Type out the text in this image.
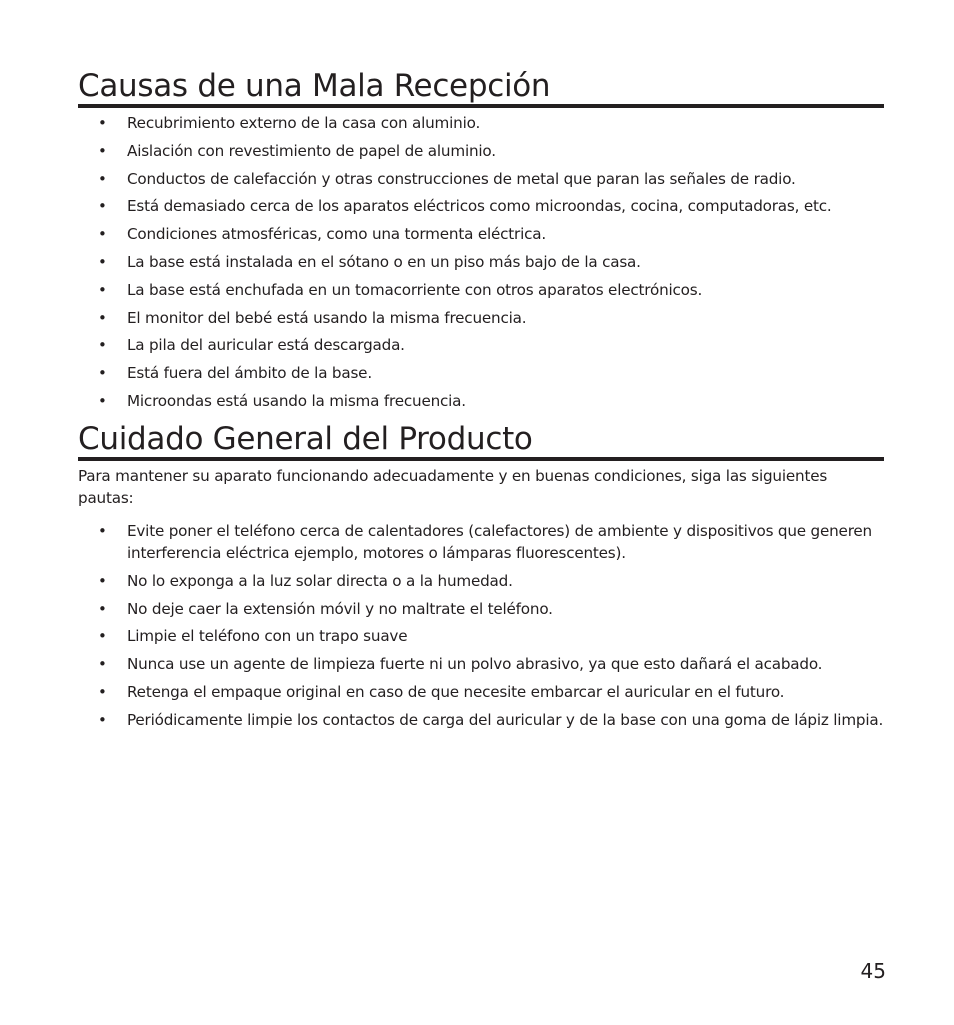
Causas de una Mala Recepción
• Recubrimiento externo de la casa con aluminio.
• Aislación con revestimiento de papel de aluminio.
• Conductos de calefacción y otras construcciones de metal que paran las señales de radio.
• Está demasiado cerca de los aparatos eléctricos como microondas, cocina, computadoras, etc.
• Condiciones atmosféricas, como una tormenta eléctrica.
• La base está instalada en el sótano o en un piso más bajo de la casa.
• La base está enchufada en un tomacorriente con otros aparatos electrónicos.
• El monitor del bebé está usando la misma frecuencia.
• La pila del auricular está descargada.
• Está fuera del ámbito de la base.
• Microondas está usando la misma frecuencia.
Cuidado General del Producto

Para mantener su aparato funcionando adecuadamente y en buenas condiciones, siga las siguientes pautas:

• Evite poner el teléfono cerca de calentadores (calefactores) de ambiente y dispositivos que generen interferencia eléctrica ejemplo, motores o lámparas fluorescentes).
• No lo exponga a la luz solar directa o a la humedad.
• No deje caer la extensión móvil y no maltrate el teléfono.
• Limpie el teléfono con un trapo suave
• Nunca use un agente de limpieza fuerte ni un polvo abrasivo, ya que esto dañará el acabado.
• Retenga el empaque original en caso de que necesite embarcar el auricular en el futuro.
• Periódicamente limpie los contactos de carga del auricular y de la base con una goma de lápiz limpia.
45
